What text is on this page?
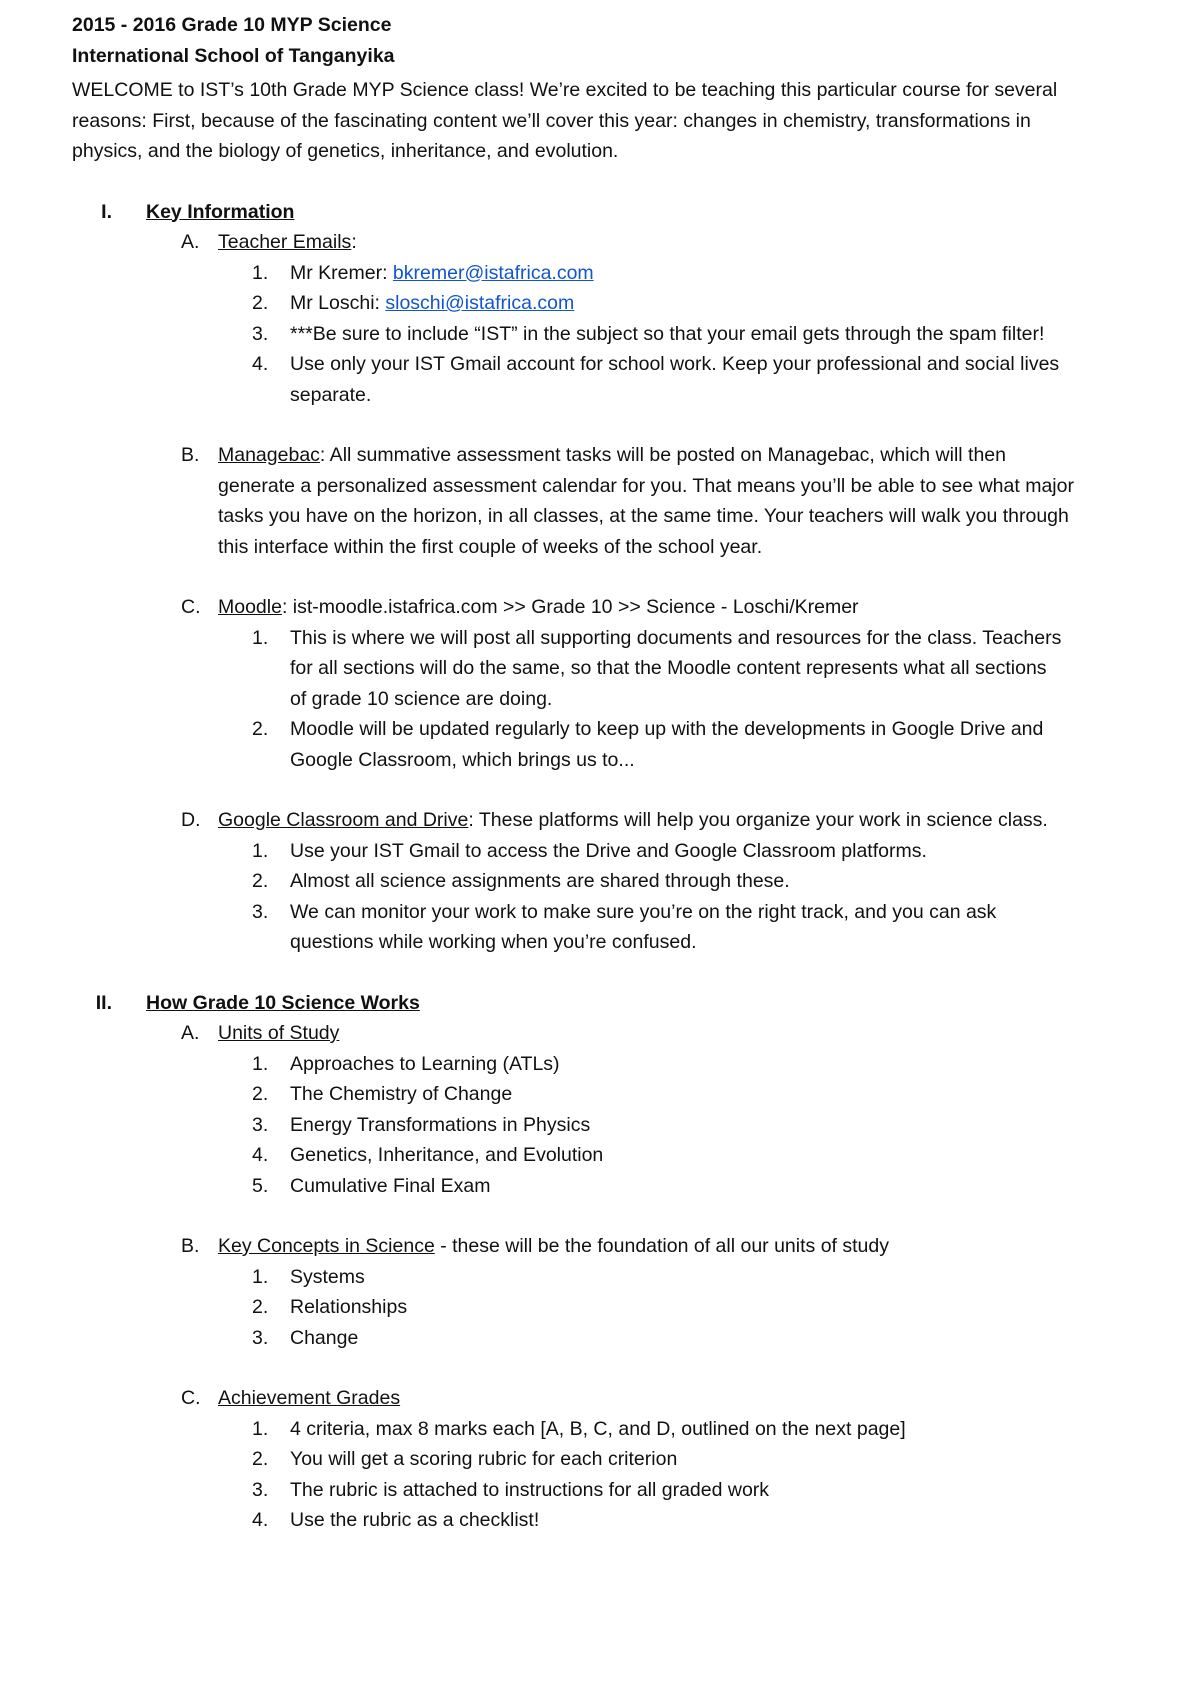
2015 - 2016 Grade 10 MYP Science
International School of Tanganyika
WELCOME to IST’s 10th Grade MYP Science class! We’re excited to be teaching this particular course for several
reasons: First, because of the fascinating content we’ll cover this year: changes in chemistry, transformations in
physics, and the biology of genetics, inheritance, and evolution.
I. Key Information
A. Teacher Emails:
1.	Mr Kremer: bkremer@istafrica.com
2.	Mr Loschi: sloschi@istafrica.com
3.	***Be sure to include “IST” in the subject so that your email gets through the spam filter!
4.	Use only your IST Gmail account for school work. Keep your professional and social lives
separate.
B. Managebac: All summative assessment tasks will be posted on Managebac, which will then
generate a personalized assessment calendar for you. That means you’ll be able to see what major
tasks you have on the horizon, in all classes, at the same time. Your teachers will walk you through
this interface within the first couple of weeks of the school year.
C. Moodle: ist-moodle.istafrica.com >> Grade 10 >> Science - Loschi/Kremer
1.	This is where we will post all supporting documents and resources for the class. Teachers
for all sections will do the same, so that the Moodle content represents what all sections
of grade 10 science are doing.
2.	Moodle will be updated regularly to keep up with the developments in Google Drive and
Google Classroom, which brings us to...
D. Google Classroom and Drive: These platforms will help you organize your work in science class.
1.	Use your IST Gmail to access the Drive and Google Classroom platforms.
2.	Almost all science assignments are shared through these.
3.	We can monitor your work to make sure you’re on the right track, and you can ask
questions while working when you’re confused.
II. How Grade 10 Science Works
A. Units of Study
1.	Approaches to Learning (ATLs)
2.	The Chemistry of Change
3.	Energy Transformations in Physics
4.	Genetics, Inheritance, and Evolution
5.	Cumulative Final Exam
B. Key Concepts in Science - these will be the foundation of all our units of study
1.	Systems
2.	Relationships
3.	Change
C. Achievement Grades
1.	4 criteria, max 8 marks each [A, B, C, and D, outlined on the next page]
2.	You will get a scoring rubric for each criterion
3.	The rubric is attached to instructions for all graded work
4.	Use the rubric as a checklist!
